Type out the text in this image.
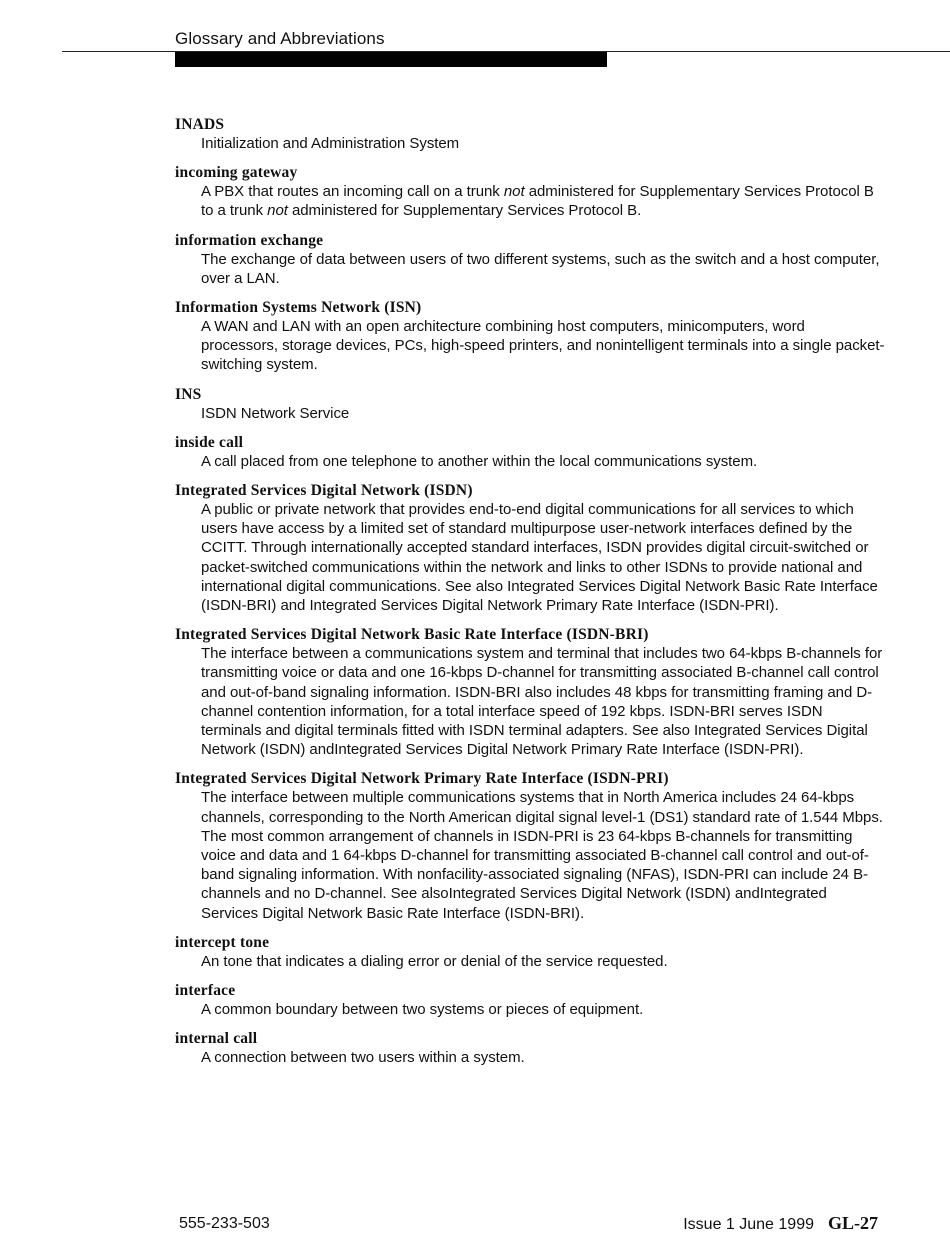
Glossary and Abbreviations
INADS
Initialization and Administration System
incoming gateway
A PBX that routes an incoming call on a trunk not administered for Supplementary Services Protocol B to a trunk not administered for Supplementary Services Protocol B.
information exchange
The exchange of data between users of two different systems, such as the switch and a host computer, over a LAN.
Information Systems Network (ISN)
A WAN and LAN with an open architecture combining host computers, minicomputers, word processors, storage devices, PCs, high-speed printers, and nonintelligent terminals into a single packet-switching system.
INS
ISDN Network Service
inside call
A call placed from one telephone to another within the local communications system.
Integrated Services Digital Network (ISDN)
A public or private network that provides end-to-end digital communications for all services to which users have access by a limited set of standard multipurpose user-network interfaces defined by the CCITT. Through internationally accepted standard interfaces, ISDN provides digital circuit-switched or packet-switched communications within the network and links to other ISDNs to provide national and international digital communications. See also Integrated Services Digital Network Basic Rate Interface (ISDN-BRI) and Integrated Services Digital Network Primary Rate Interface (ISDN-PRI).
Integrated Services Digital Network Basic Rate Interface (ISDN-BRI)
The interface between a communications system and terminal that includes two 64-kbps B-channels for transmitting voice or data and one 16-kbps D-channel for transmitting associated B-channel call control and out-of-band signaling information. ISDN-BRI also includes 48 kbps for transmitting framing and D-channel contention information, for a total interface speed of 192 kbps. ISDN-BRI serves ISDN terminals and digital terminals fitted with ISDN terminal adapters. See also Integrated Services Digital Network (ISDN) andIntegrated Services Digital Network Primary Rate Interface (ISDN-PRI).
Integrated Services Digital Network Primary Rate Interface (ISDN-PRI)
The interface between multiple communications systems that in North America includes 24 64-kbps channels, corresponding to the North American digital signal level-1 (DS1) standard rate of 1.544 Mbps. The most common arrangement of channels in ISDN-PRI is 23 64-kbps B-channels for transmitting voice and data and 1 64-kbps D-channel for transmitting associated B-channel call control and out-of-band signaling information. With nonfacility-associated signaling (NFAS), ISDN-PRI can include 24 B-channels and no D-channel. See alsoIntegrated Services Digital Network (ISDN) andIntegrated Services Digital Network Basic Rate Interface (ISDN-BRI).
intercept tone
An tone that indicates a dialing error or denial of the service requested.
interface
A common boundary between two systems or pieces of equipment.
internal call
A connection between two users within a system.
555-233-503	Issue 1 June 1999 GL-27
